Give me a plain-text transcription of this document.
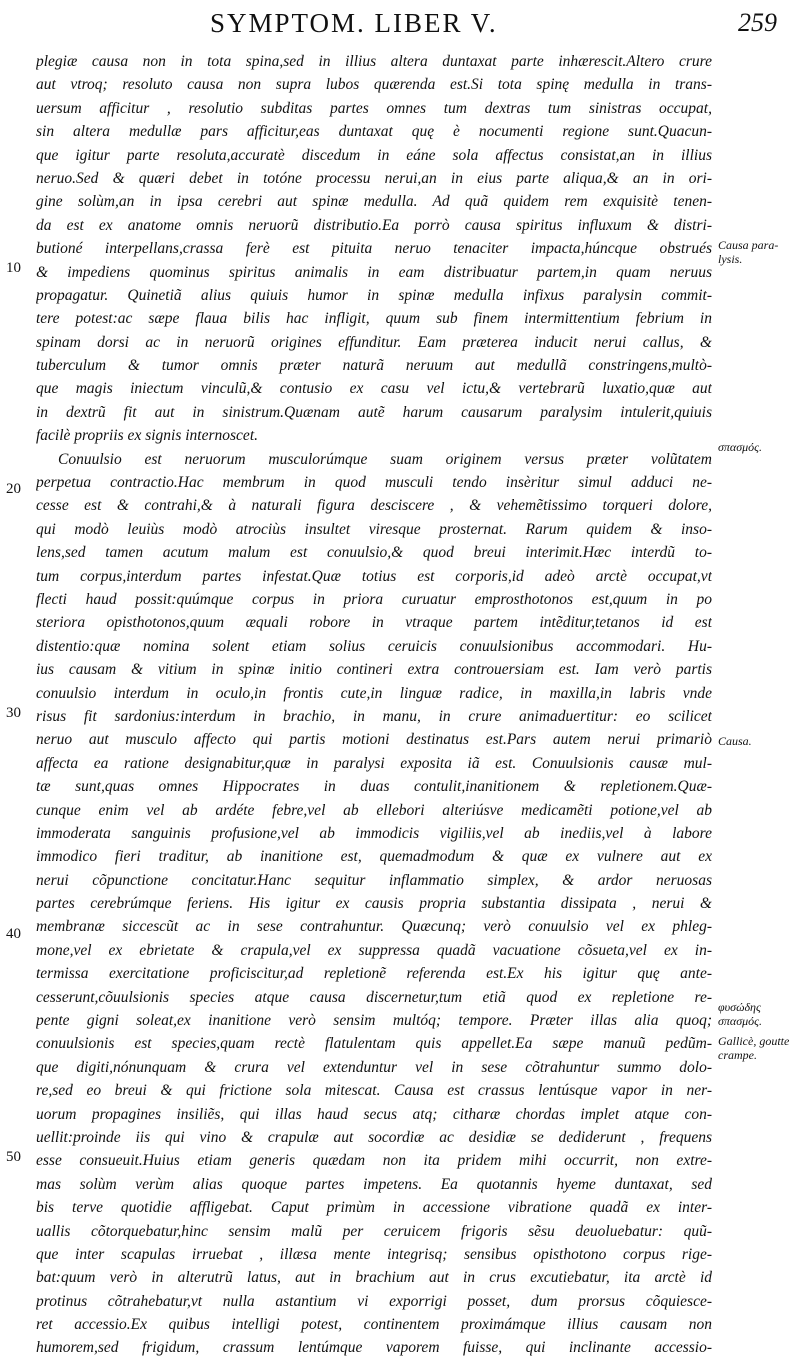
SYMPTOM. LIBER V.	259
plegiæ causa non in tota spina,sed in illius altera duntaxat parte inhærescit.Altero crure
aut vtroq; resoluto causa non supra lubos quærenda est.Si tota spinę medulla in trans-
uersum afficitur , resolutio subditas partes omnes tum dextras tum sinistras occupat,
sin altera medullæ pars afficitur,eas duntaxat quę è nocumenti regione sunt.Quacun-
que igitur parte resoluta,accuratè discedum in eáne sola affectus consistat,an in illius
neruo.Sed & quæri debet in totóne processu nerui,an in eius parte aliqua,& an in ori-
gine solùm,an in ipsa cerebri aut spinæ medulla. Ad quã quidem rem exquisitè tenen-
da est ex anatome omnis neruorũ distributio.Ea porrò causa spiritus influxum & distri-
butioné interpellans,crassa ferè est pituita neruo tenaciter impacta,húncque obstrués
& impediens quominus spiritus animalis in eam distribuatur partem,in quam neruus
propagatur. Quinetiã alius quiuis humor in spinæ medulla infixus paralysin commit-
tere potest:ac sæpe flaua bilis hac infligit, quum sub finem intermittentium febrium in
spinam dorsi ac in neruorũ origines effunditur. Eam præterea inducit nerui callus, &
tuberculum & tumor omnis præter naturã neruum aut medullã constringens,multò-
que magis iniectum vinculũ,& contusio ex casu vel ictu,& vertebrarũ luxatio,quæ aut
in dextrũ fit aut in sinistrum.Quænam autẽ harum causarum paralysim intulerit,quiuis
facilè propriis ex signis internoscet.
Conuulsio est neruorum musculorúmque suam originem versus præter volũtatem
perpetua contractio.Hac membrum in quod musculi tendo insèritur simul adduci ne-
cesse est & contrahi,& à naturali figura desciscere , & vehemẽtissimo torqueri dolore,
qui modò leuiùs modò atrociùs insultet viresque prosternat. Rarum quidem & inso-
lens,sed tamen acutum malum est conuulsio,& quod breui interimit.Hæc interdũ to-
tum corpus,interdum partes infestat.Quæ totius est corporis,id adeò arctè occupat,vt
flecti haud possit:quúmque corpus in priora curuatur emprosthotonos est,quum in po
steriora opisthotonos,quum æquali robore in vtraque partem intẽditur,tetanos id est
distentio:quæ nomina solent etiam solius ceruicis conuulsionibus accommodari. Hu-
ius causam & vitium in spinæ initio contineri extra controuersiam est. Iam verò partis
conuulsio interdum in oculo,in frontis cute,in linguæ radice, in maxilla,in labris vnde
risus fit sardonius:interdum in brachio, in manu, in crure animaduertitur: eo scilicet
neruo aut musculo affecto qui partis motioni destinatus est.Pars autem nerui primariò
affecta ea ratione designabitur,quæ in paralysi exposita iã est. Conuulsionis causæ mul-
tæ sunt,quas omnes Hippocrates in duas contulit,inanitionem & repletionem.Quæ-
cunque enim vel ab ardéte febre,vel ab ellebori alteriúsve medicamẽti potione,vel ab
immoderata sanguinis profusione,vel ab immodicis vigiliis,vel ab inediis,vel à labore
immodico fieri traditur, ab inanitione est, quemadmodum & quæ ex vulnere aut ex
nerui cõpunctione concitatur.Hanc sequitur inflammatio simplex, & ardor neruosas
partes cerebrúmque feriens. His igitur ex causis propria substantia dissipata , nerui &
membranæ siccescũt ac in sese contrahuntur. Quæcunq; verò conuulsio vel ex phleg-
mone,vel ex ebrietate & crapula,vel ex suppressa quadã vacuatione cõsueta,vel ex in-
termissa exercitatione proficiscitur,ad repletionẽ referenda est.Ex his igitur quę ante-
cesserunt,cõuulsionis species atque causa discernetur,tum etiã quod ex repletione re-
pente gigni soleat,ex inanitione verò sensim multóq; tempore. Præter illas alia quoq;
conuulsionis est species,quam rectè flatulentam quis appellet.Ea sæpe manuũ pedũm-
que digiti,nónunquam & crura vel extenduntur vel in sese cõtrahuntur summo dolo-
re,sed eo breui & qui frictione sola mitescat. Causa est crassus lentúsque vapor in ner-
uorum propagines insiliẽs, qui illas haud secus atq; citharæ chordas implet atque con-
uellit:proinde iis qui vino & crapulæ aut socordiæ ac desidiæ se dediderunt , frequens
esse consueuit.Huius etiam generis quædam non ita pridem mihi occurrit, non extre-
mas solùm verùm alias quoque partes impetens. Ea quotannis hyeme duntaxat, sed
bis terve quotidie affligebat. Caput primùm in accessione vibratione quadã ex inter-
uallis cõtorquebatur,hinc sensim malũ per ceruicem frigoris sẽsu deuoluebatur: quũ-
que inter scapulas irruebat , illæsa mente integrisq; sensibus opisthotono corpus rige-
bat:quum verò in alterutrũ latus, aut in brachium aut in crus excutiebatur, ita arctè id
protinus cõtrahebatur,vt nulla astantium vi exporrigi posset, dum prorsus cõquiesce-
ret accessio.Ex quibus intelligi potest, continentem proximámque illius causam non
humorem,sed frigidum, crassum lentúmque vaporem fuisse, qui inclinante accessio-
10
20
30
40
50
Causa para-lysis.
σπασμός.
Causa.
φυσώδης σπασμός.
Gallicè, goutte crampe.
